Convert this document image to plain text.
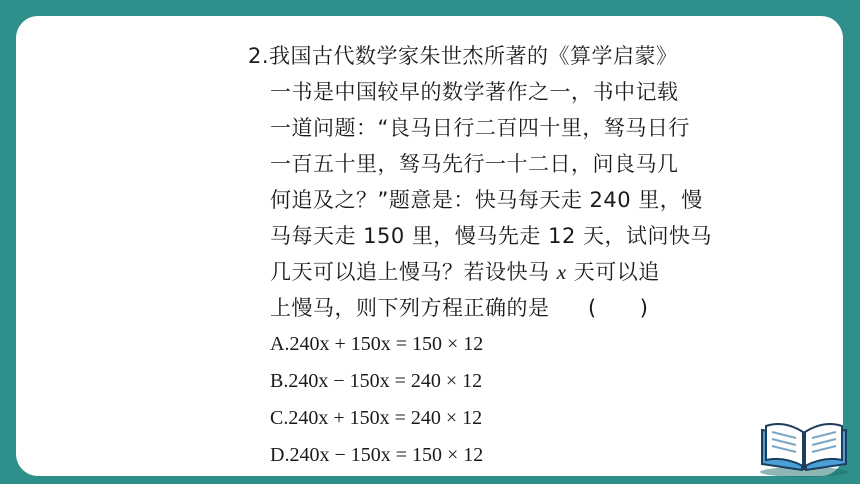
2.我国古代数学家朱世杰所著的《算学启蒙》
一书是中国较早的数学著作之一，书中记载
一道问题：“良马日行二百四十里，驽马日行
一百五十里，驽马先行一十二日，问良马几
何追及之？”题意是：快马每天走 240 里，慢
马每天走 150 里，慢马先走 12 天，试问快马
几天可以追上慢马？若设快马 x 天可以追
上慢马，则下列方程正确的是 (　　)
A.240x + 150x = 150 × 12
B.240x − 150x = 240 × 12
C.240x + 150x = 240 × 12
D.240x − 150x = 150 × 12
